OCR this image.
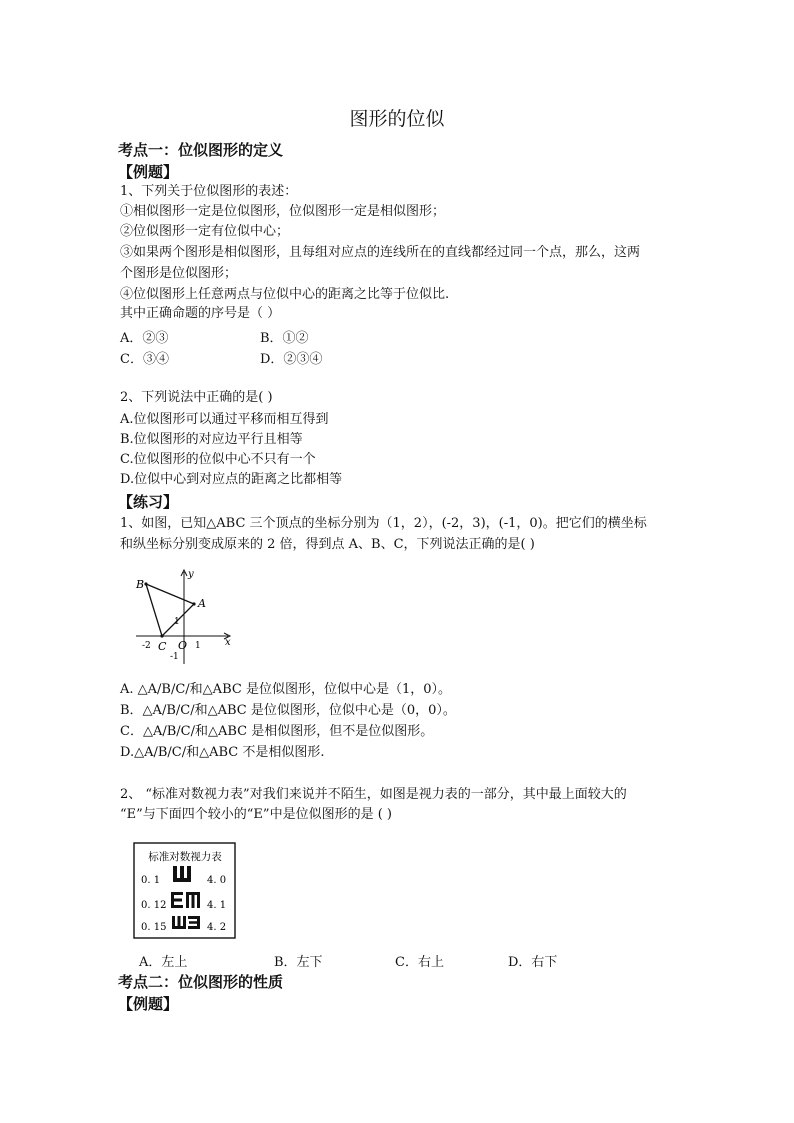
图形的位似
考点一：位似图形的定义
【例题】
1、下列关于位似图形的表述：
①相似图形一定是位似图形，位似图形一定是相似图形；
②位似图形一定有位似中心；
③如果两个图形是相似图形，且每组对应点的连线所在的直线都经过同一个点，那么，这两
个图形是位似图形；
④位似图形上任意两点与位似中心的距离之比等于位似比.
其中正确命题的序号是（ ）
A．②③	B．①②
C．③④	D．②③④
2、下列说法中正确的是( )
A.位似图形可以通过平移而相互得到
B.位似图形的对应边平行且相等
C.位似图形的位似中心不只有一个
D.位似中心到对应点的距离之比都相等
【练习】
1、如图，已知△ABC 三个顶点的坐标分别为（1，2），(-2，3)，(-1，0)。把它们的横坐标
和纵坐标分别变成原来的 2 倍，得到点 A、B、C，下列说法正确的是( )
B
A
C O
y
x
-2	1
1
-1
A. △A/B/C/和△ABC 是位似图形，位似中心是（1，0）。
B．△A/B/C/和△ABC 是位似图形，位似中心是（0，0）。
C．△A/B/C/和△ABC 是相似图形，但不是位似图形。
D.△A/B/C/和△ABC 不是相似图形.
2、 “标准对数视力表”对我们来说并不陌生，如图是视力表的一部分，其中最上面较大的
“E”与下面四个较小的“E”中是位似图形的是 ( )
标准对数视力表
0. 1	4. 0
0. 12	4. 1
0. 15	4. 2
A．左上	B．左下	C．右上	D．右下
考点二：位似图形的性质
【例题】
